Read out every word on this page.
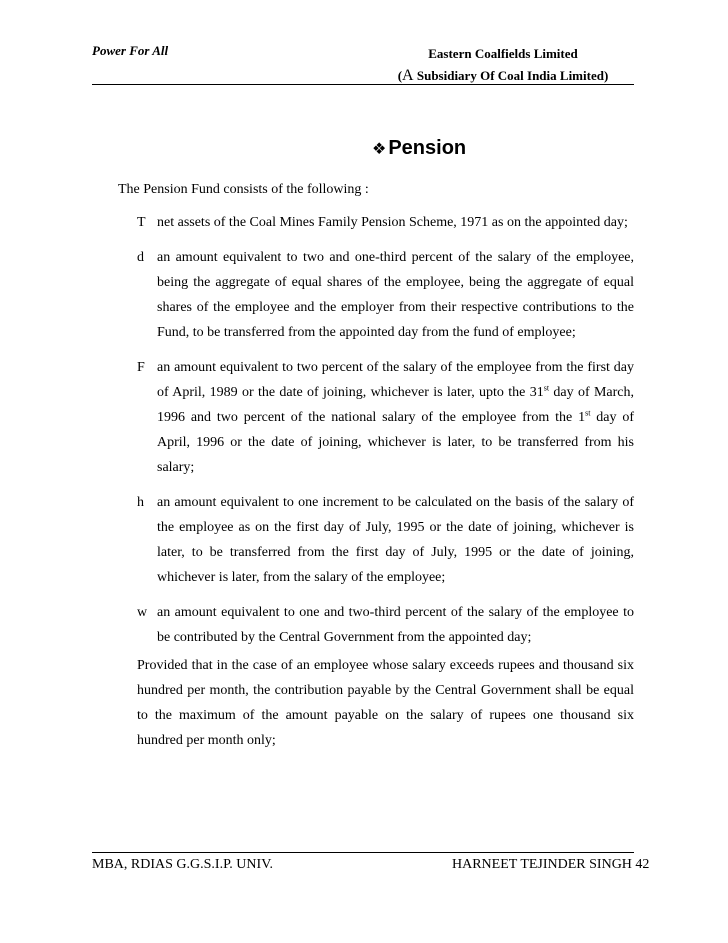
Power For All	Eastern Coalfields Limited
(A Subsidiary Of Coal India Limited)
❖ Pension
The Pension Fund consists of the following :
T net assets of the Coal Mines Family Pension Scheme, 1971 as on the appointed day;
d an amount equivalent to two and one-third percent of the salary of the employee, being the aggregate of equal shares of the employee, being the aggregate of equal shares of the employee and the employer from their respective contributions to the Fund, to be transferred from the appointed day from the fund of employee;
F an amount equivalent to two percent of the salary of the employee from the first day of April, 1989 or the date of joining, whichever is later, upto the 31st day of March, 1996 and two percent of the national salary of the employee from the 1st day of April, 1996 or the date of joining, whichever is later, to be transferred from his salary;
h an amount equivalent to one increment to be calculated on the basis of the salary of the employee as on the first day of July, 1995 or the date of joining, whichever is later, to be transferred from the first day of July, 1995 or the date of joining, whichever is later, from the salary of the employee;
w an amount equivalent to one and two-third percent of the salary of the employee to be contributed by the Central Government from the appointed day;
Provided that in the case of an employee whose salary exceeds rupees and thousand six hundred per month, the contribution payable by the Central Government shall be equal to the maximum of the amount payable on the salary of rupees one thousand six hundred per month only;
MBA, RDIAS G.G.S.I.P. UNIV.	HARNEET TEJINDER SINGH 42
